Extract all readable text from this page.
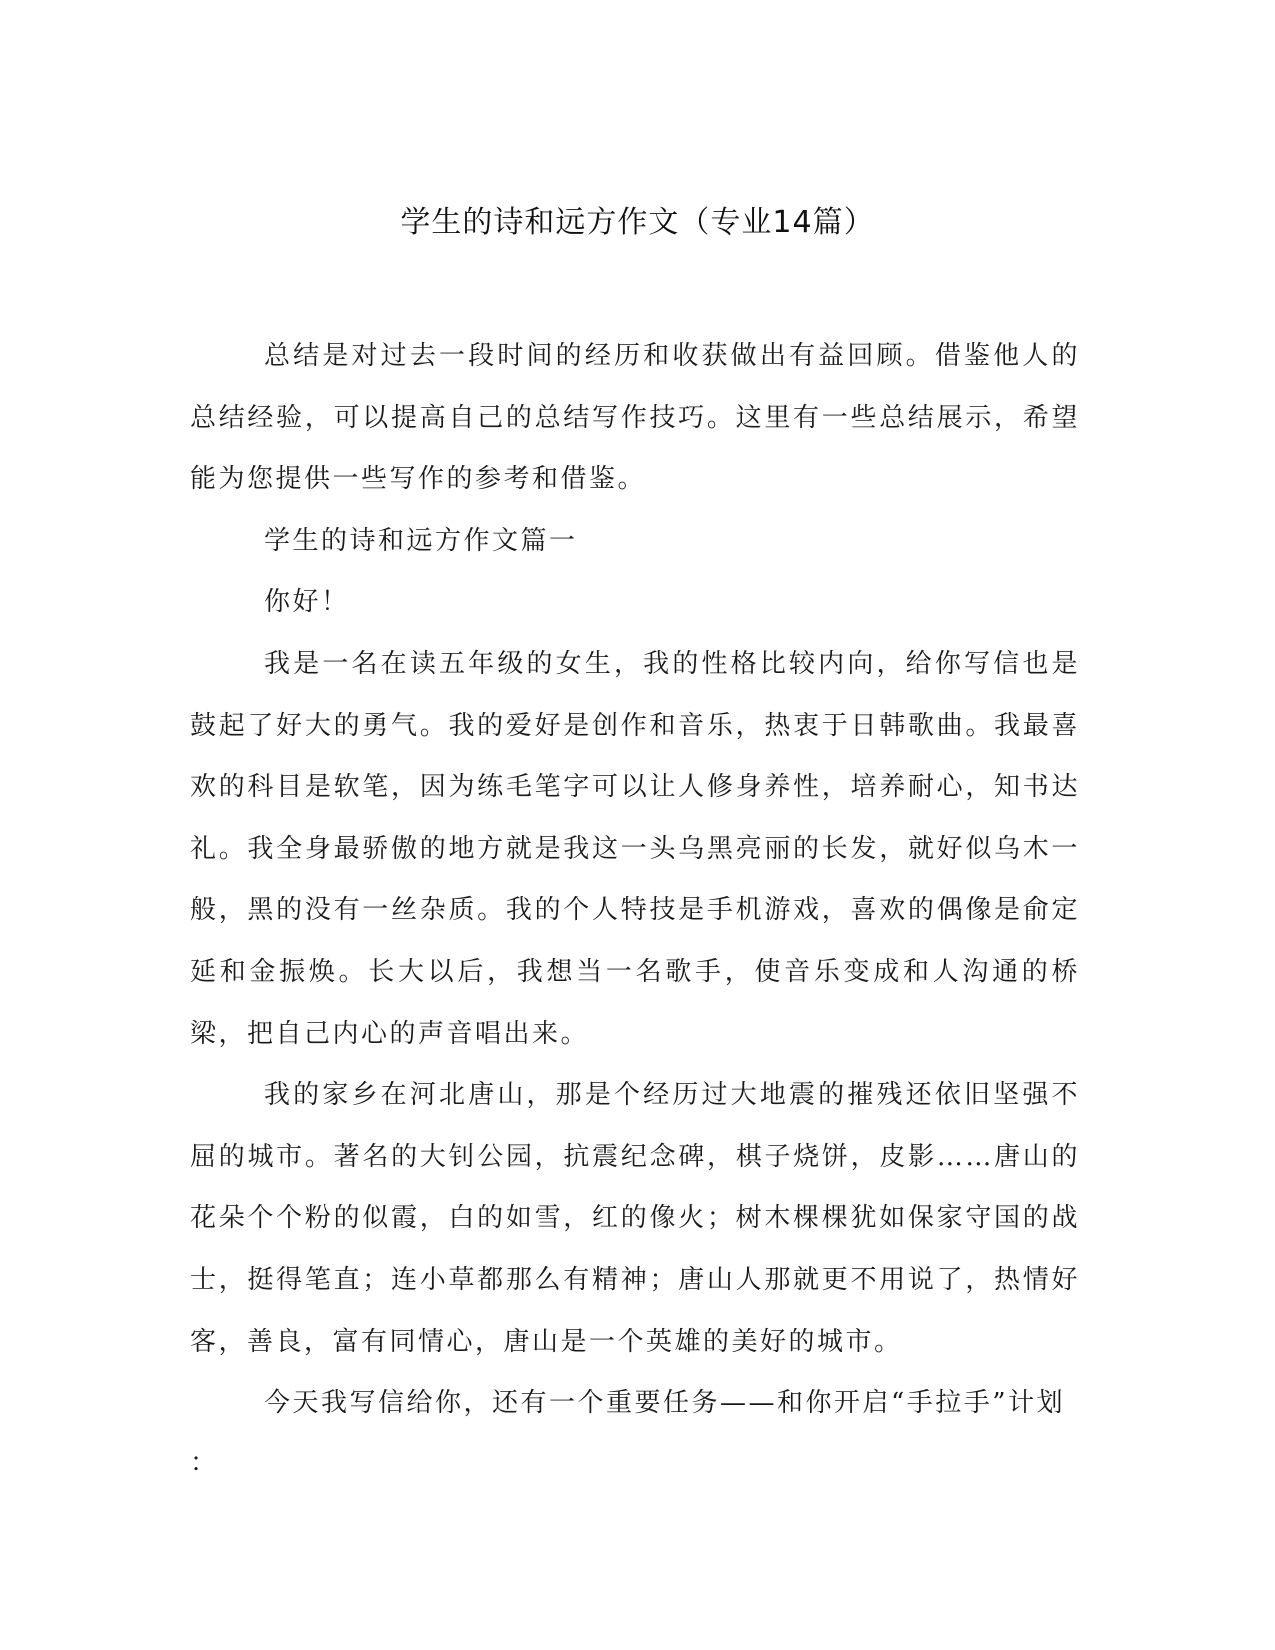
学生的诗和远方作文（专业14篇）

总结是对过去一段时间的经历和收获做出有益回顾。借鉴他人的总结经验，可以提高自己的总结写作技巧。这里有一些总结展示，希望能为您提供一些写作的参考和借鉴。

学生的诗和远方作文篇一

你好！

我是一名在读五年级的女生，我的性格比较内向，给你写信也是鼓起了好大的勇气。我的爱好是创作和音乐，热衷于日韩歌曲。我最喜欢的科目是软笔，因为练毛笔字可以让人修身养性，培养耐心，知书达礼。我全身最骄傲的地方就是我这一头乌黑亮丽的长发，就好似乌木一般，黑的没有一丝杂质。我的个人特技是手机游戏，喜欢的偶像是俞定延和金振焕。长大以后，我想当一名歌手，使音乐变成和人沟通的桥梁，把自己内心的声音唱出来。

我的家乡在河北唐山，那是个经历过大地震的摧残还依旧坚强不屈的城市。著名的大钊公园，抗震纪念碑，棋子烧饼，皮影……唐山的花朵个个粉的似霞，白的如雪，红的像火；树木棵棵犹如保家守国的战士，挺得笔直；连小草都那么有精神；唐山人那就更不用说了，热情好客，善良，富有同情心，唐山是一个英雄的美好的城市。

今天我写信给你，还有一个重要任务——和你开启“手拉手”计划

：
